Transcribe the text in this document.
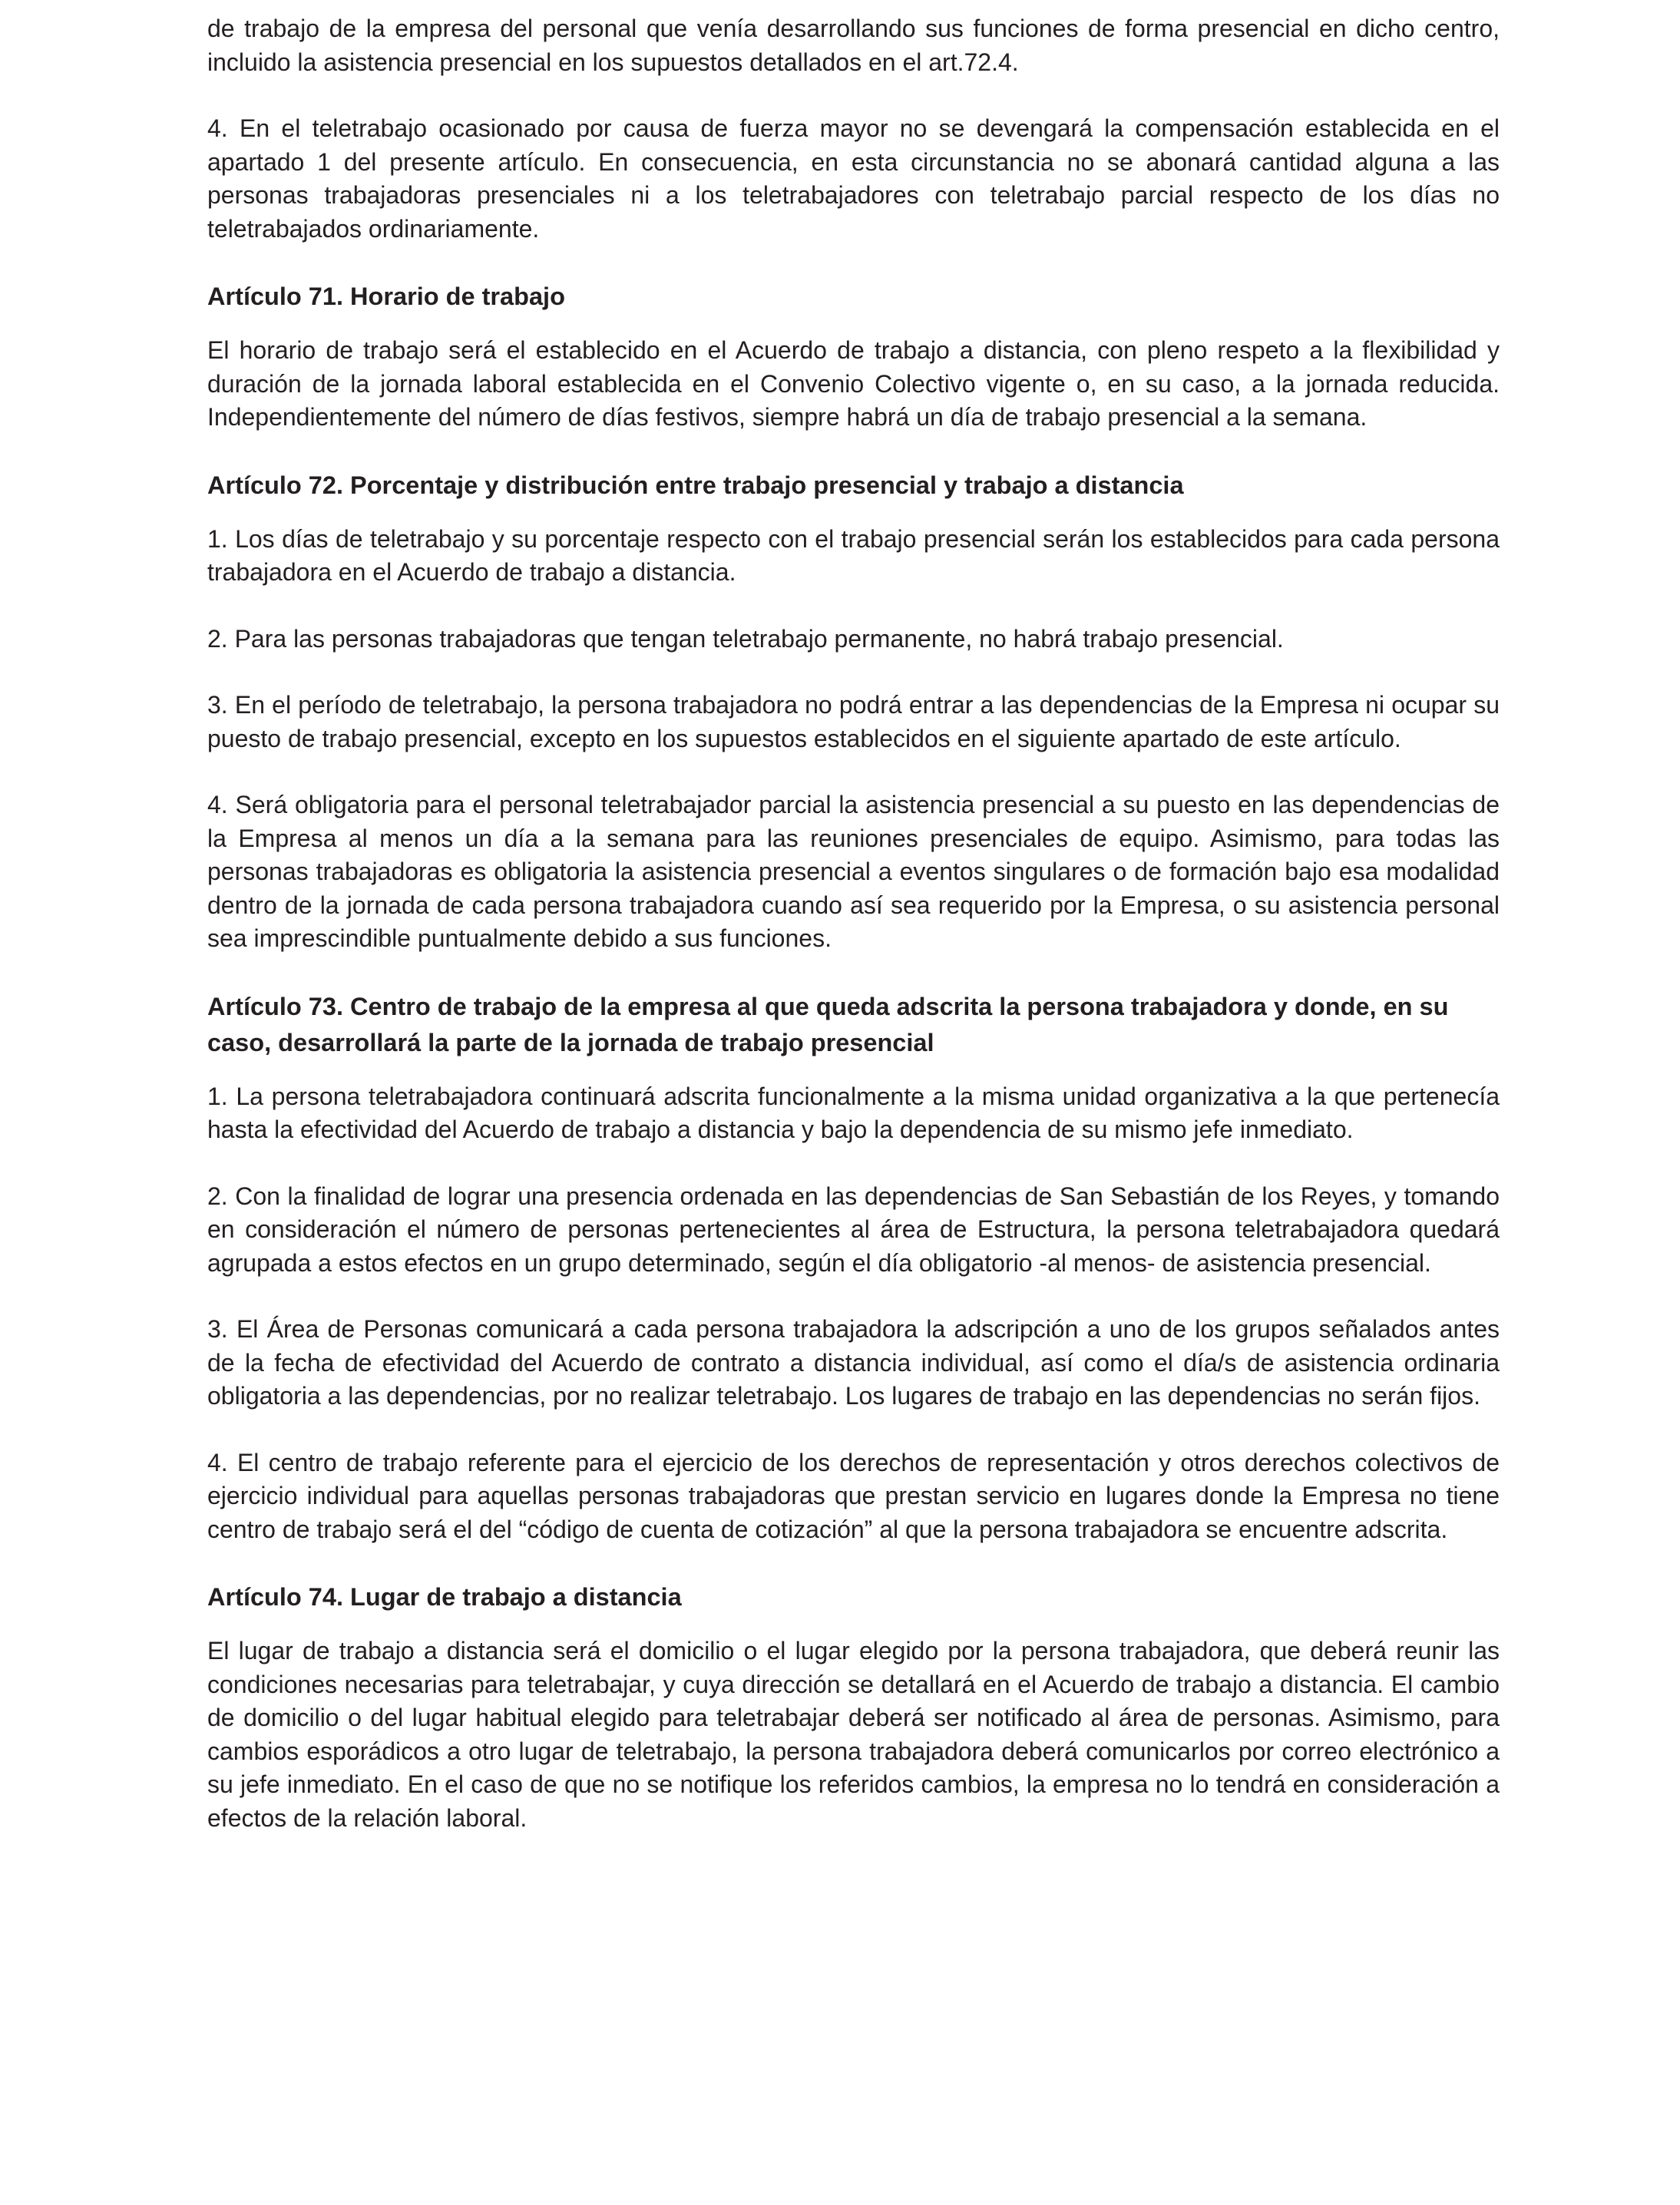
de trabajo de la empresa del personal que venía desarrollando sus funciones de forma presencial en dicho centro, incluido la asistencia presencial en los supuestos detallados en el art.72.4.

4. En el teletrabajo ocasionado por causa de fuerza mayor no se devengará la compensación establecida en el apartado 1 del presente artículo. En consecuencia, en esta circunstancia no se abonará cantidad alguna a las personas trabajadoras presenciales ni a los teletrabajadores con teletrabajo parcial respecto de los días no teletrabajados ordinariamente.

Artículo 71. Horario de trabajo

El horario de trabajo será el establecido en el Acuerdo de trabajo a distancia, con pleno respeto a la flexibilidad y duración de la jornada laboral establecida en el Convenio Colectivo vigente o, en su caso, a la jornada reducida. Independientemente del número de días festivos, siempre habrá un día de trabajo presencial a la semana.

Artículo 72. Porcentaje y distribución entre trabajo presencial y trabajo a distancia

1. Los días de teletrabajo y su porcentaje respecto con el trabajo presencial serán los establecidos para cada persona trabajadora en el Acuerdo de trabajo a distancia.

2. Para las personas trabajadoras que tengan teletrabajo permanente, no habrá trabajo presencial.

3. En el período de teletrabajo, la persona trabajadora no podrá entrar a las dependencias de la Empresa ni ocupar su puesto de trabajo presencial, excepto en los supuestos establecidos en el siguiente apartado de este artículo.

4. Será obligatoria para el personal teletrabajador parcial la asistencia presencial a su puesto en las dependencias de la Empresa al menos un día a la semana para las reuniones presenciales de equipo. Asimismo, para todas las personas trabajadoras es obligatoria la asistencia presencial a eventos singulares o de formación bajo esa modalidad dentro de la jornada de cada persona trabajadora cuando así sea requerido por la Empresa, o su asistencia personal sea imprescindible puntualmente debido a sus funciones.

Artículo 73. Centro de trabajo de la empresa al que queda adscrita la persona trabajadora y donde, en su caso, desarrollará la parte de la jornada de trabajo presencial

1. La persona teletrabajadora continuará adscrita funcionalmente a la misma unidad organizativa a la que pertenecía hasta la efectividad del Acuerdo de trabajo a distancia y bajo la dependencia de su mismo jefe inmediato.

2. Con la finalidad de lograr una presencia ordenada en las dependencias de San Sebastián de los Reyes, y tomando en consideración el número de personas pertenecientes al área de Estructura, la persona teletrabajadora quedará agrupada a estos efectos en un grupo determinado, según el día obligatorio -al menos- de asistencia presencial.

3. El Área de Personas comunicará a cada persona trabajadora la adscripción a uno de los grupos señalados antes de la fecha de efectividad del Acuerdo de contrato a distancia individual, así como el día/s de asistencia ordinaria obligatoria a las dependencias, por no realizar teletrabajo. Los lugares de trabajo en las dependencias no serán fijos.

4. El centro de trabajo referente para el ejercicio de los derechos de representación y otros derechos colectivos de ejercicio individual para aquellas personas trabajadoras que prestan servicio en lugares donde la Empresa no tiene centro de trabajo será el del “código de cuenta de cotización” al que la persona trabajadora se encuentre adscrita.

Artículo 74. Lugar de trabajo a distancia

El lugar de trabajo a distancia será el domicilio o el lugar elegido por la persona trabajadora, que deberá reunir las condiciones necesarias para teletrabajar, y cuya dirección se detallará en el Acuerdo de trabajo a distancia. El cambio de domicilio o del lugar habitual elegido para teletrabajar deberá ser notificado al área de personas. Asimismo, para cambios esporádicos a otro lugar de teletrabajo, la persona trabajadora deberá comunicarlos por correo electrónico a su jefe inmediato. En el caso de que no se notifique los referidos cambios, la empresa no lo tendrá en consideración a efectos de la relación laboral.
